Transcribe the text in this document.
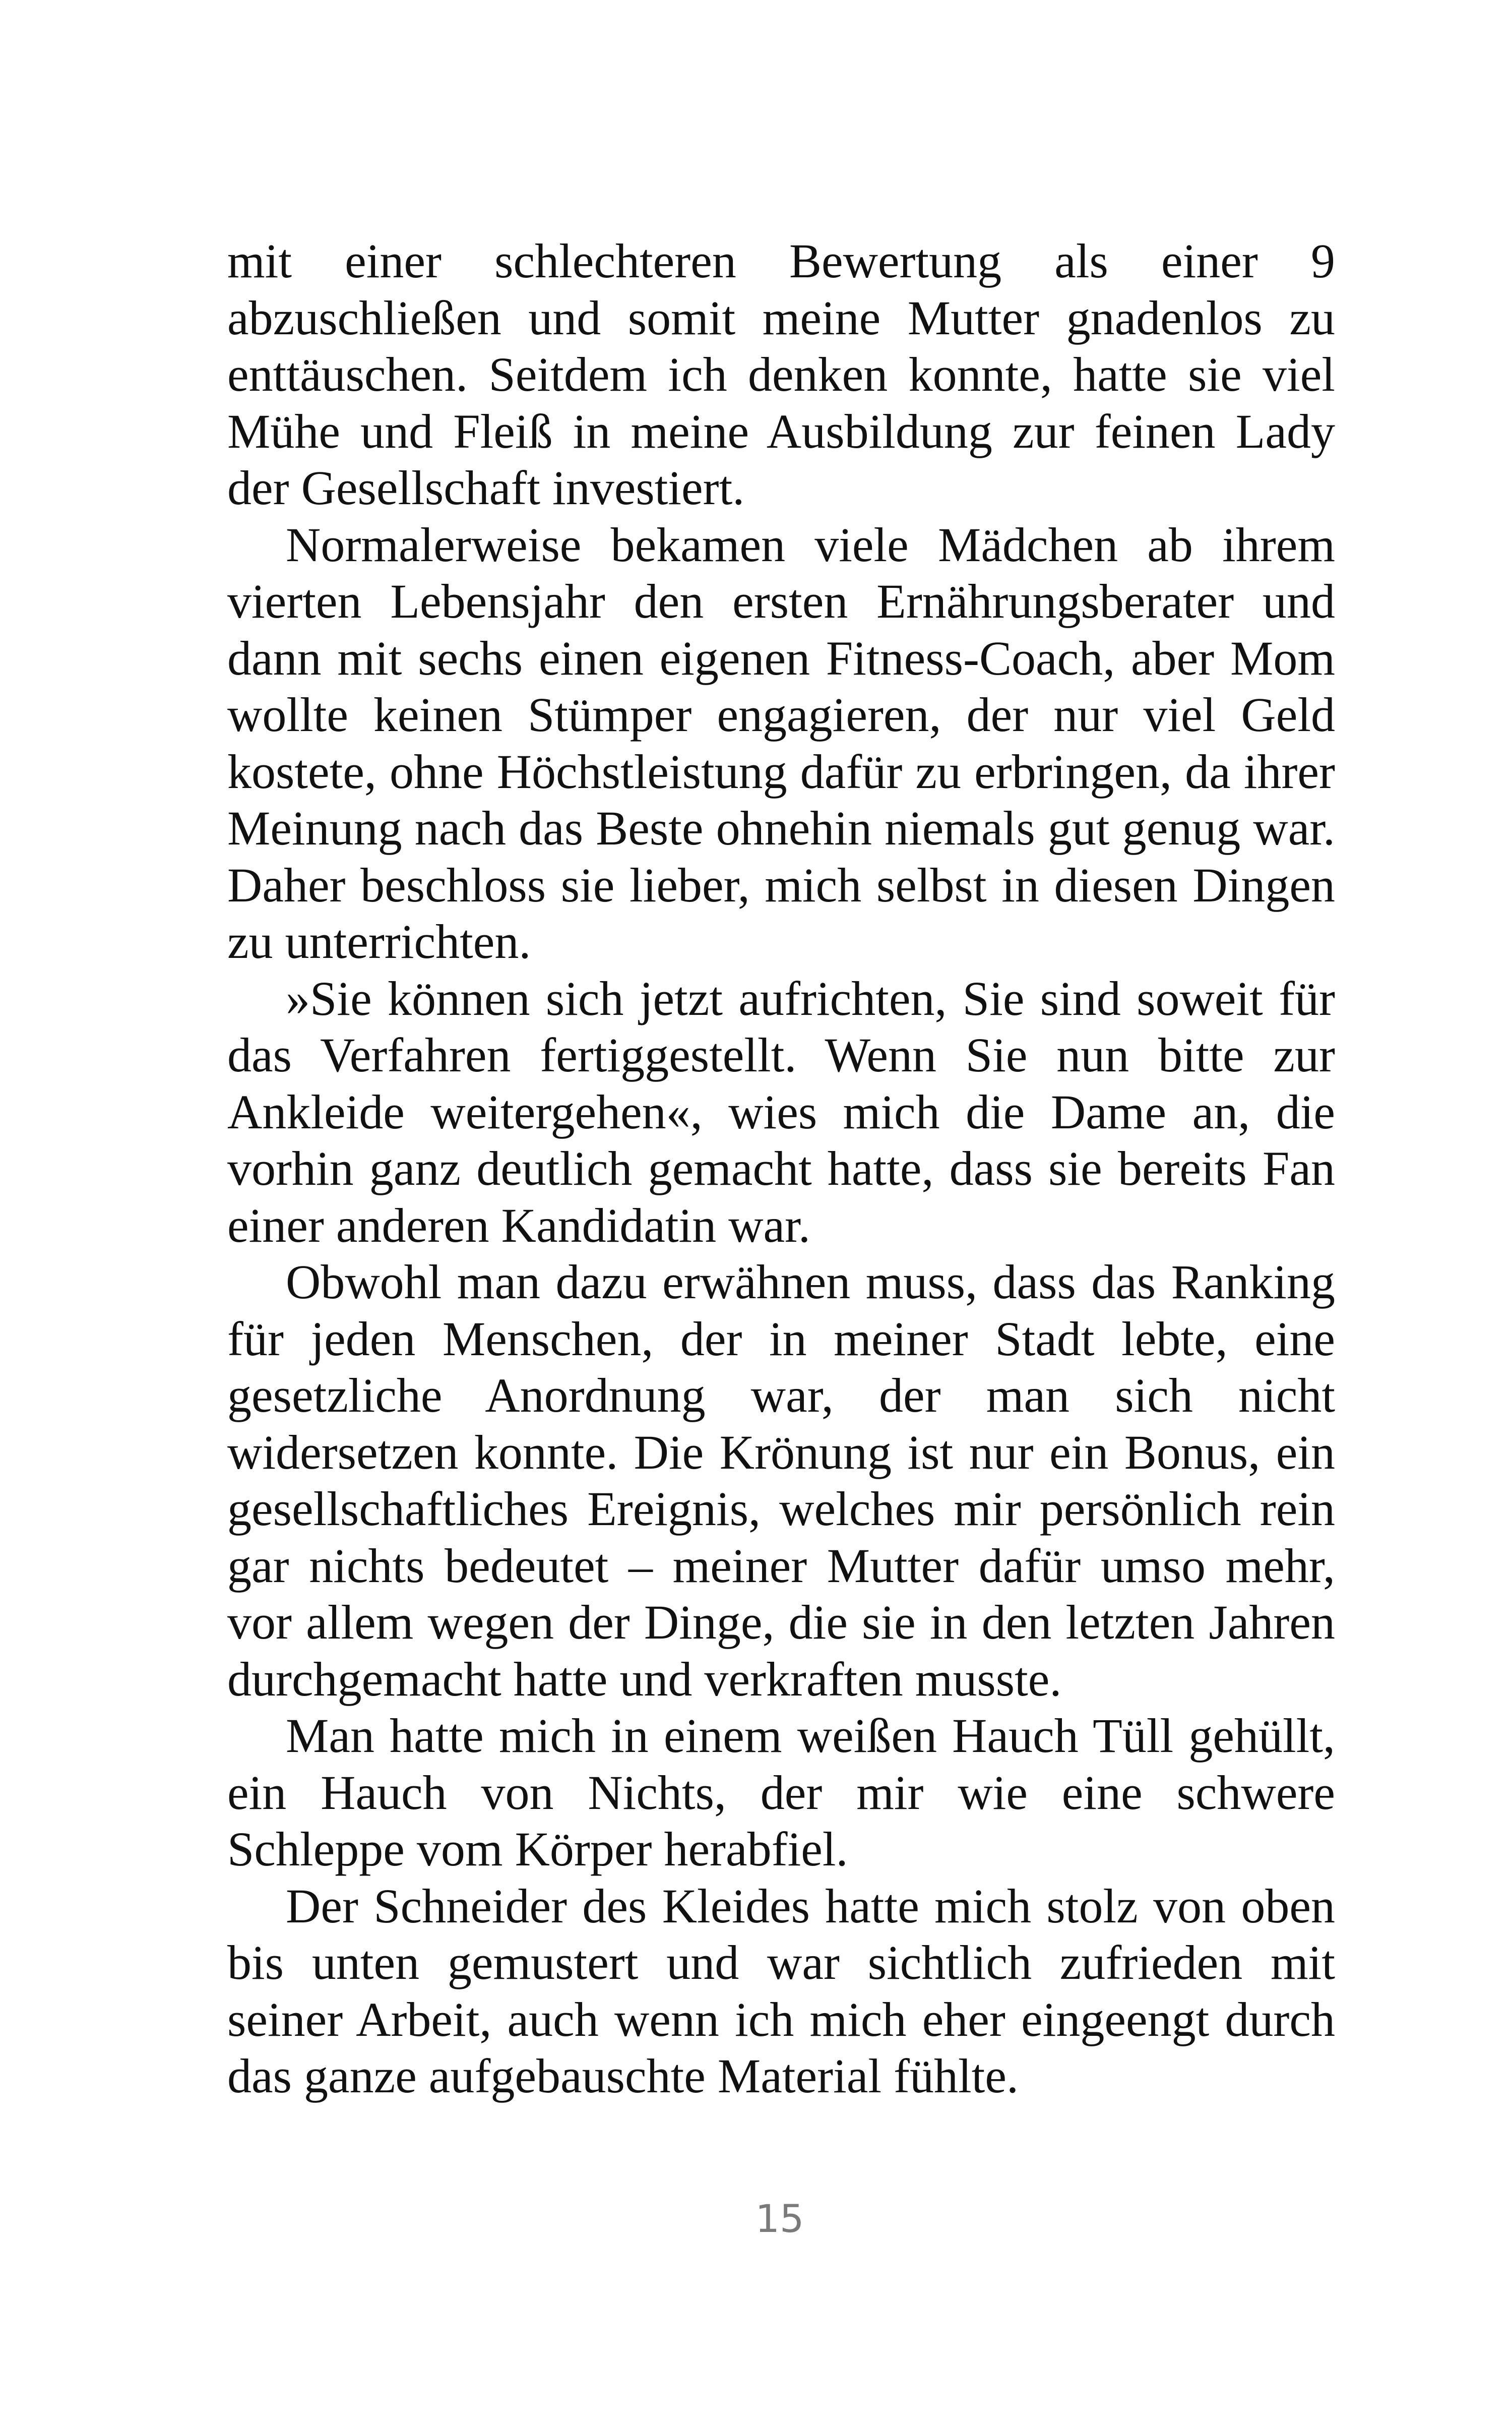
mit einer schlechteren Bewertung als einer 9 abzuschließen und somit meine Mutter gnadenlos zu enttäuschen. Seitdem ich denken konnte, hatte sie viel Mühe und Fleiß in meine Ausbildung zur feinen Lady der Gesellschaft investiert.

Normalerweise bekamen viele Mädchen ab ihrem vierten Lebensjahr den ersten Ernährungsberater und dann mit sechs einen eigenen Fitness-Coach, aber Mom wollte keinen Stümper engagieren, der nur viel Geld kostete, ohne Höchstleistung dafür zu erbringen, da ihrer Meinung nach das Beste ohnehin niemals gut genug war. Daher beschloss sie lieber, mich selbst in diesen Dingen zu unterrichten.

»Sie können sich jetzt aufrichten, Sie sind soweit für das Verfahren fertiggestellt. Wenn Sie nun bitte zur Ankleide weitergehen«, wies mich die Dame an, die vorhin ganz deutlich gemacht hatte, dass sie bereits Fan einer anderen Kandidatin war.

Obwohl man dazu erwähnen muss, dass das Ranking für jeden Menschen, der in meiner Stadt lebte, eine gesetzliche Anordnung war, der man sich nicht widersetzen konnte. Die Krönung ist nur ein Bonus, ein gesellschaftliches Ereignis, welches mir persönlich rein gar nichts bedeutet – meiner Mutter dafür umso mehr, vor allem wegen der Dinge, die sie in den letzten Jahren durchgemacht hatte und verkraften musste.

Man hatte mich in einem weißen Hauch Tüll gehüllt, ein Hauch von Nichts, der mir wie eine schwere Schleppe vom Körper herabfiel.

Der Schneider des Kleides hatte mich stolz von oben bis unten gemustert und war sichtlich zufrieden mit seiner Arbeit, auch wenn ich mich eher eingeengt durch das ganze aufgebauschte Material fühlte.

15
